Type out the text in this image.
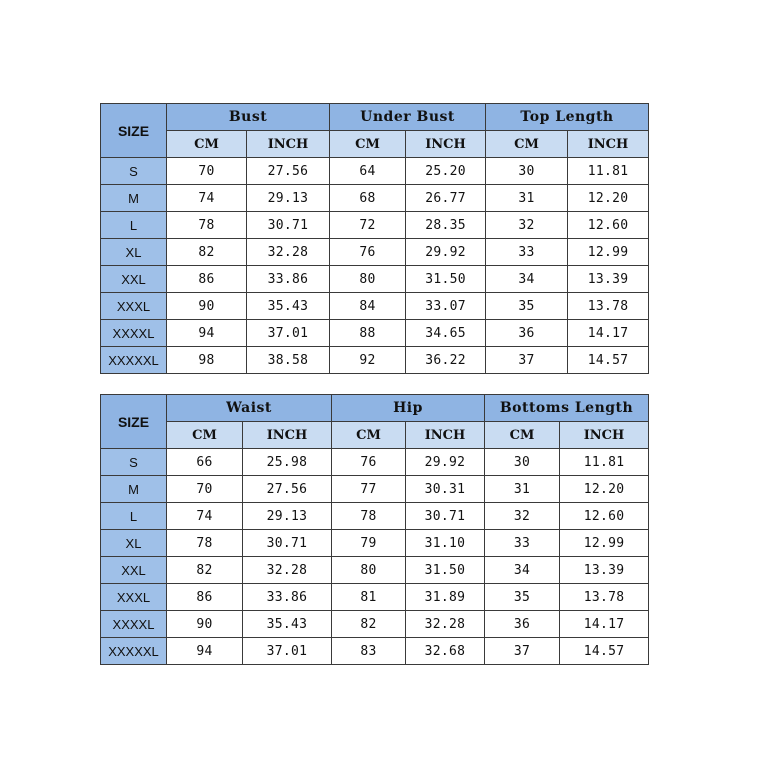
SIZE	Bust		Under Bust		Top Length	
	CM	INCH	CM	INCH	CM	INCH
S	70	27.56	64	25.20	30	11.81
M	74	29.13	68	26.77	31	12.20
L	78	30.71	72	28.35	32	12.60
XL	82	32.28	76	29.92	33	12.99
XXL	86	33.86	80	31.50	34	13.39
XXXL	90	35.43	84	33.07	35	13.78
XXXXL	94	37.01	88	34.65	36	14.17
XXXXXL	98	38.58	92	36.22	37	14.57
SIZE	Waist		Hip		Bottoms Length	
	CM	INCH	CM	INCH	CM	INCH
S	66	25.98	76	29.92	30	11.81
M	70	27.56	77	30.31	31	12.20
L	74	29.13	78	30.71	32	12.60
XL	78	30.71	79	31.10	33	12.99
XXL	82	32.28	80	31.50	34	13.39
XXXL	86	33.86	81	31.89	35	13.78
XXXXL	90	35.43	82	32.28	36	14.17
XXXXXL	94	37.01	83	32.68	37	14.57
